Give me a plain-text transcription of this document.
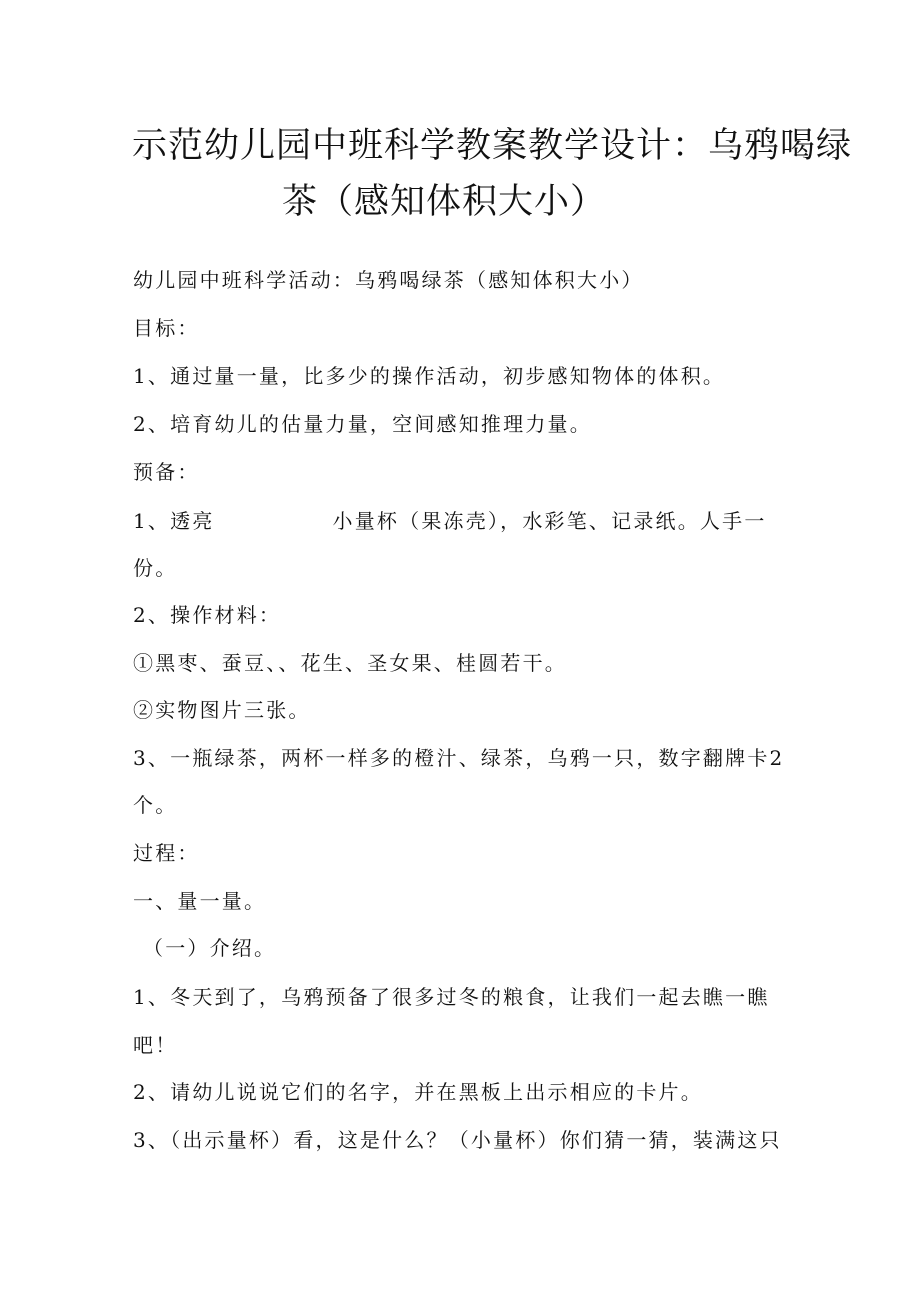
示范幼儿园中班科学教案教学设计：乌鸦喝绿
茶（感知体积大小）
幼儿园中班科学活动：乌鸦喝绿茶（感知体积大小）
目标：
1、通过量一量，比多少的操作活动，初步感知物体的体积。
2、培育幼儿的估量力量，空间感知推理力量。
预备：
1、透亮	小量杯（果冻壳），水彩笔、记录纸。人手一
份。
2、操作材料：
①黑枣、蚕豆、、花生、圣女果、桂圆若干。
②实物图片三张。
3、一瓶绿茶，两杯一样多的橙汁、绿茶，乌鸦一只，数字翻牌卡2
个。
过程：
一、量一量。
（一）介绍。
1、冬天到了，乌鸦预备了很多过冬的粮食，让我们一起去瞧一瞧
吧！
2、请幼儿说说它们的名字，并在黑板上出示相应的卡片。
3、（出示量杯）看，这是什么？（小量杯）你们猜一猜，装满这只
